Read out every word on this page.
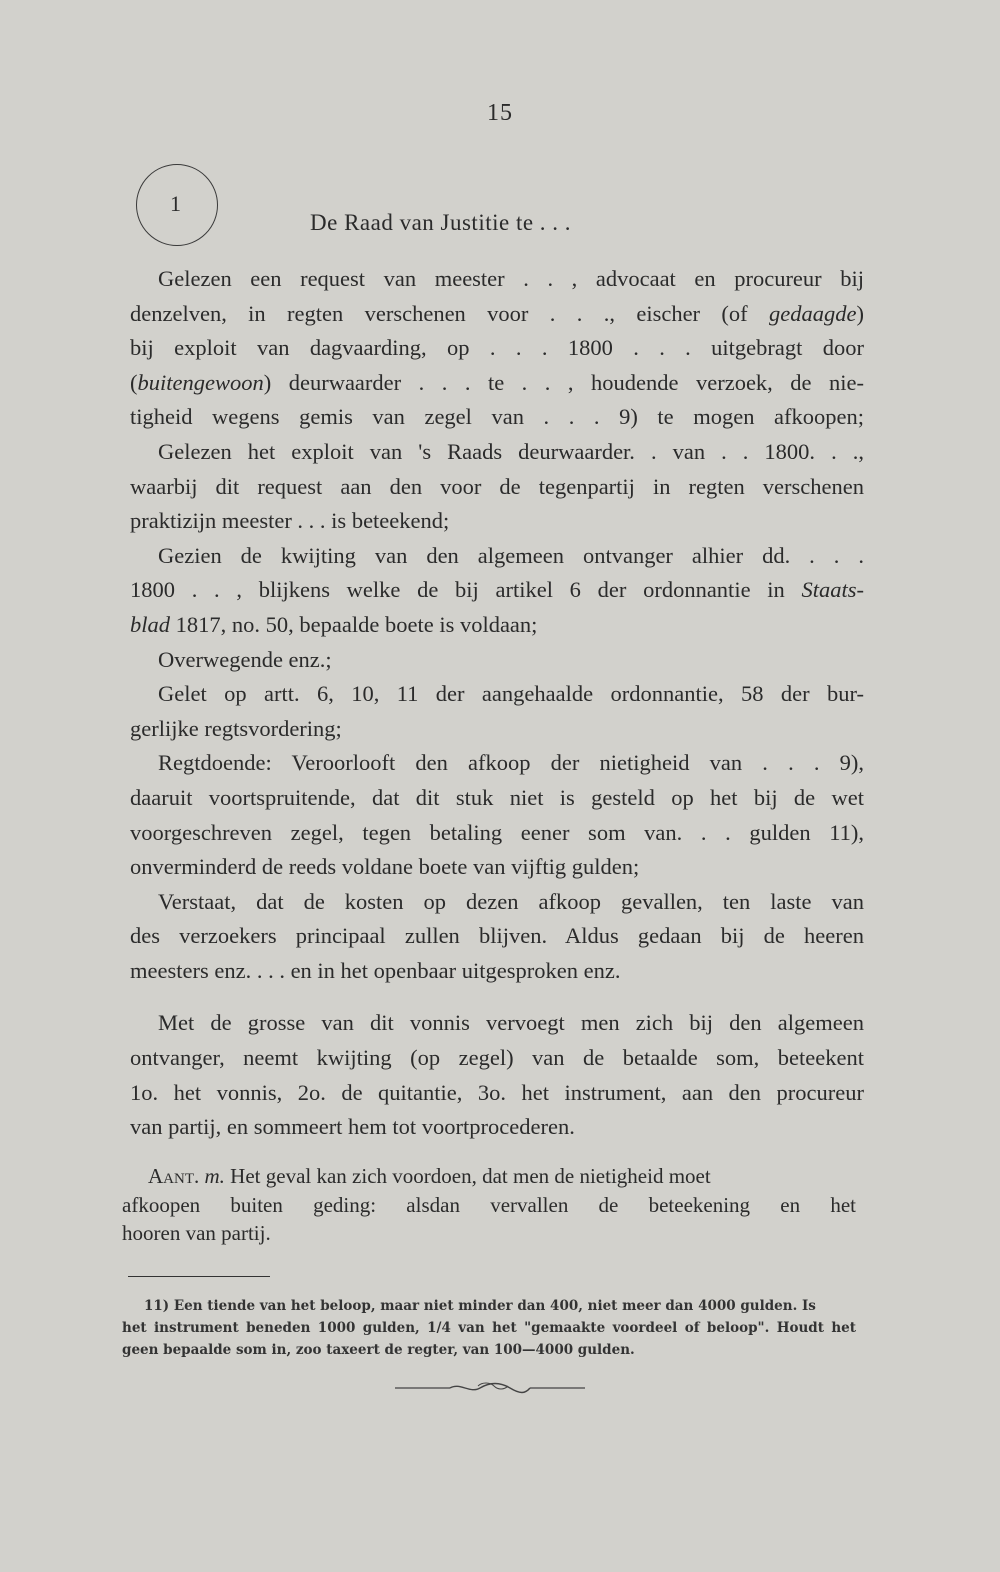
15
1
De Raad van Justitie te . . .
Gelezen een request van meester . . , advocaat en procureur bij
denzelven, in regten verschenen voor . . ., eischer (of gedaagde)
bij exploit van dagvaarding, op . . . 1800 . . . uitgebragt door
(buitengewoon) deurwaarder . . . te . . , houdende verzoek, de nie-
tigheid wegens gemis van zegel van . . . 9) te mogen afkoopen;
Gelezen het exploit van 's Raads deurwaarder. . van . . 1800. . .,
waarbij dit request aan den voor de tegenpartij in regten verschenen
praktizijn meester . . . is beteekend;
Gezien de kwijting van den algemeen ontvanger alhier dd. . . .
1800 . . , blijkens welke de bij artikel 6 der ordonnantie in Staats-
blad 1817, no. 50, bepaalde boete is voldaan;
Overwegende enz.;
Gelet op artt. 6, 10, 11 der aangehaalde ordonnantie, 58 der bur-
gerlijke regtsvordering;
Regtdoende: Veroorlooft den afkoop der nietigheid van . . . 9),
daaruit voortspruitende, dat dit stuk niet is gesteld op het bij de wet
voorgeschreven zegel, tegen betaling eener som van. . . gulden 11),
onverminderd de reeds voldane boete van vijftig gulden;
Verstaat, dat de kosten op dezen afkoop gevallen, ten laste van
des verzoekers principaal zullen blijven. Aldus gedaan bij de heeren
meesters enz. . . . en in het openbaar uitgesproken enz.
Met de grosse van dit vonnis vervoegt men zich bij den algemeen
ontvanger, neemt kwijting (op zegel) van de betaalde som, beteekent
1o. het vonnis, 2o. de quitantie, 3o. het instrument, aan den procureur
van partij, en sommeert hem tot voortprocederen.
Aant. m. Het geval kan zich voordoen, dat men de nietigheid moet
afkoopen buiten geding: alsdan vervallen de beteekening en het
hooren van partij.
11) Een tiende van het beloop, maar niet minder dan 400, niet meer dan 4000 gulden. Is
het instrument beneden 1000 gulden, 1/4 van het "gemaakte voordeel of beloop". Houdt het
geen bepaalde som in, zoo taxeert de regter, van 100—4000 gulden.
